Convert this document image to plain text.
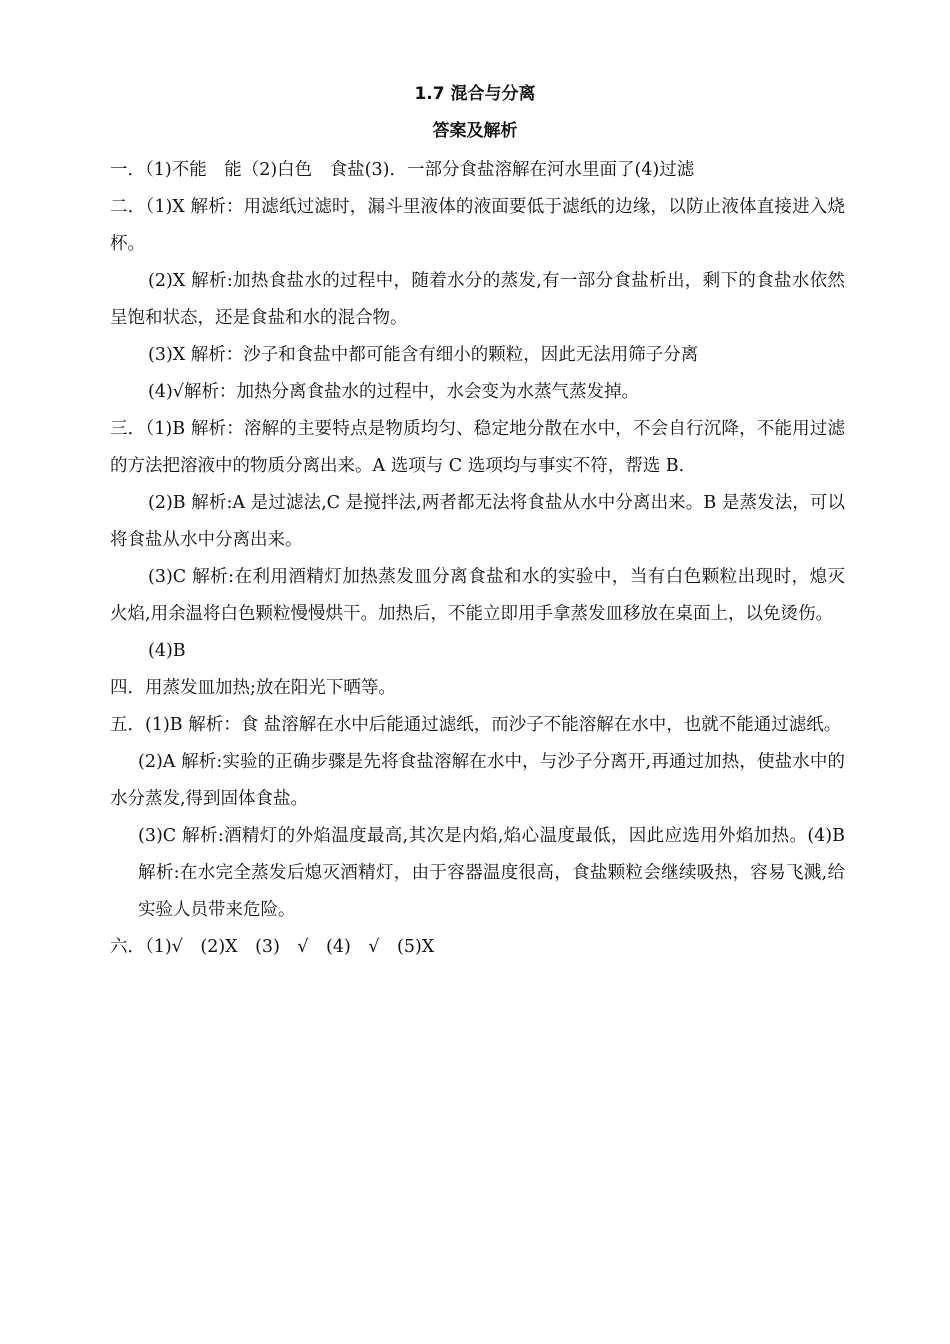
1.7 混合与分离
答案及解析

一．（1)不能　能（2)白色　食盐(3)．一部分食盐溶解在河水里面了(4)过滤

二．（1)X 解析：用滤纸过滤时，漏斗里液体的液面要低于滤纸的边缘，以防止液体直接进入烧杯。

(2)X 解析:加热食盐水的过程中，随着水分的蒸发,有一部分食盐析出，剩下的食盐水依然呈饱和状态，还是食盐和水的混合物。

(3)X 解析：沙子和食盐中都可能含有细小的颗粒，因此无法用筛子分离

(4)√解析：加热分离食盐水的过程中，水会变为水蒸气蒸发掉。

三．（1)B 解析：溶解的主要特点是物质均匀、稳定地分散在水中，不会自行沉降，不能用过滤的方法把溶液中的物质分离出来。A 选项与 C 选项均与事实不符，帮选 B.

(2)B 解析:A 是过滤法,C 是搅拌法,两者都无法将食盐从水中分离出来。B 是蒸发法，可以将食盐从水中分离出来。

(3)C 解析:在利用酒精灯加热蒸发皿分离食盐和水的实验中，当有白色颗粒出现时，熄灭火焰,用余温将白色颗粒慢慢烘干。加热后，不能立即用手拿蒸发皿移放在桌面上，以免烫伤。

(4)B

四．用蒸发皿加热;放在阳光下晒等。

五．(1)B 解析：食 盐溶解在水中后能通过滤纸，而沙子不能溶解在水中，也就不能通过滤纸。

(2)A 解析:实验的正确步骤是先将食盐溶解在水中，与沙子分离开,再通过加热，使盐水中的水分蒸发,得到固体食盐。

(3)C 解析:酒精灯的外焰温度最高,其次是内焰,焰心温度最低，因此应选用外焰加热。(4)B 解析:在水完全蒸发后熄灭酒精灯，由于容器温度很高，食盐颗粒会继续吸热，容易飞溅,给实验人员带来危险。

六．（1)√　(2)X　(3)　√　(4)　√　(5)X
